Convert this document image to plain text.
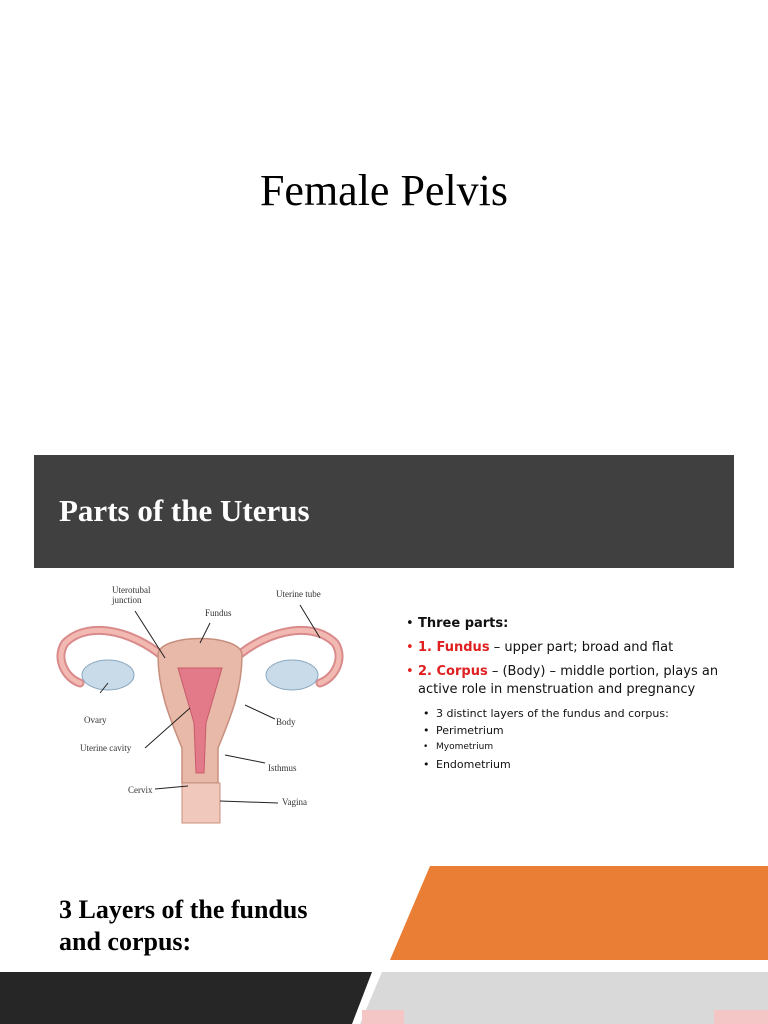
Female Pelvis
Parts of the Uterus
Uterotubal
junction
Uterine tube
Fundus
Ovary	Body
Uterine cavity
Isthmus
Cervix
Vagina
• Three parts:
• 1. Fundus – upper part; broad and flat
• 2. Corpus – (Body) – middle portion, plays an active role in menstruation and pregnancy
• 3 distinct layers of the fundus and corpus:
• Perimetrium
• Myometrium
• Endometrium
3 Layers of the fundus
and corpus:
